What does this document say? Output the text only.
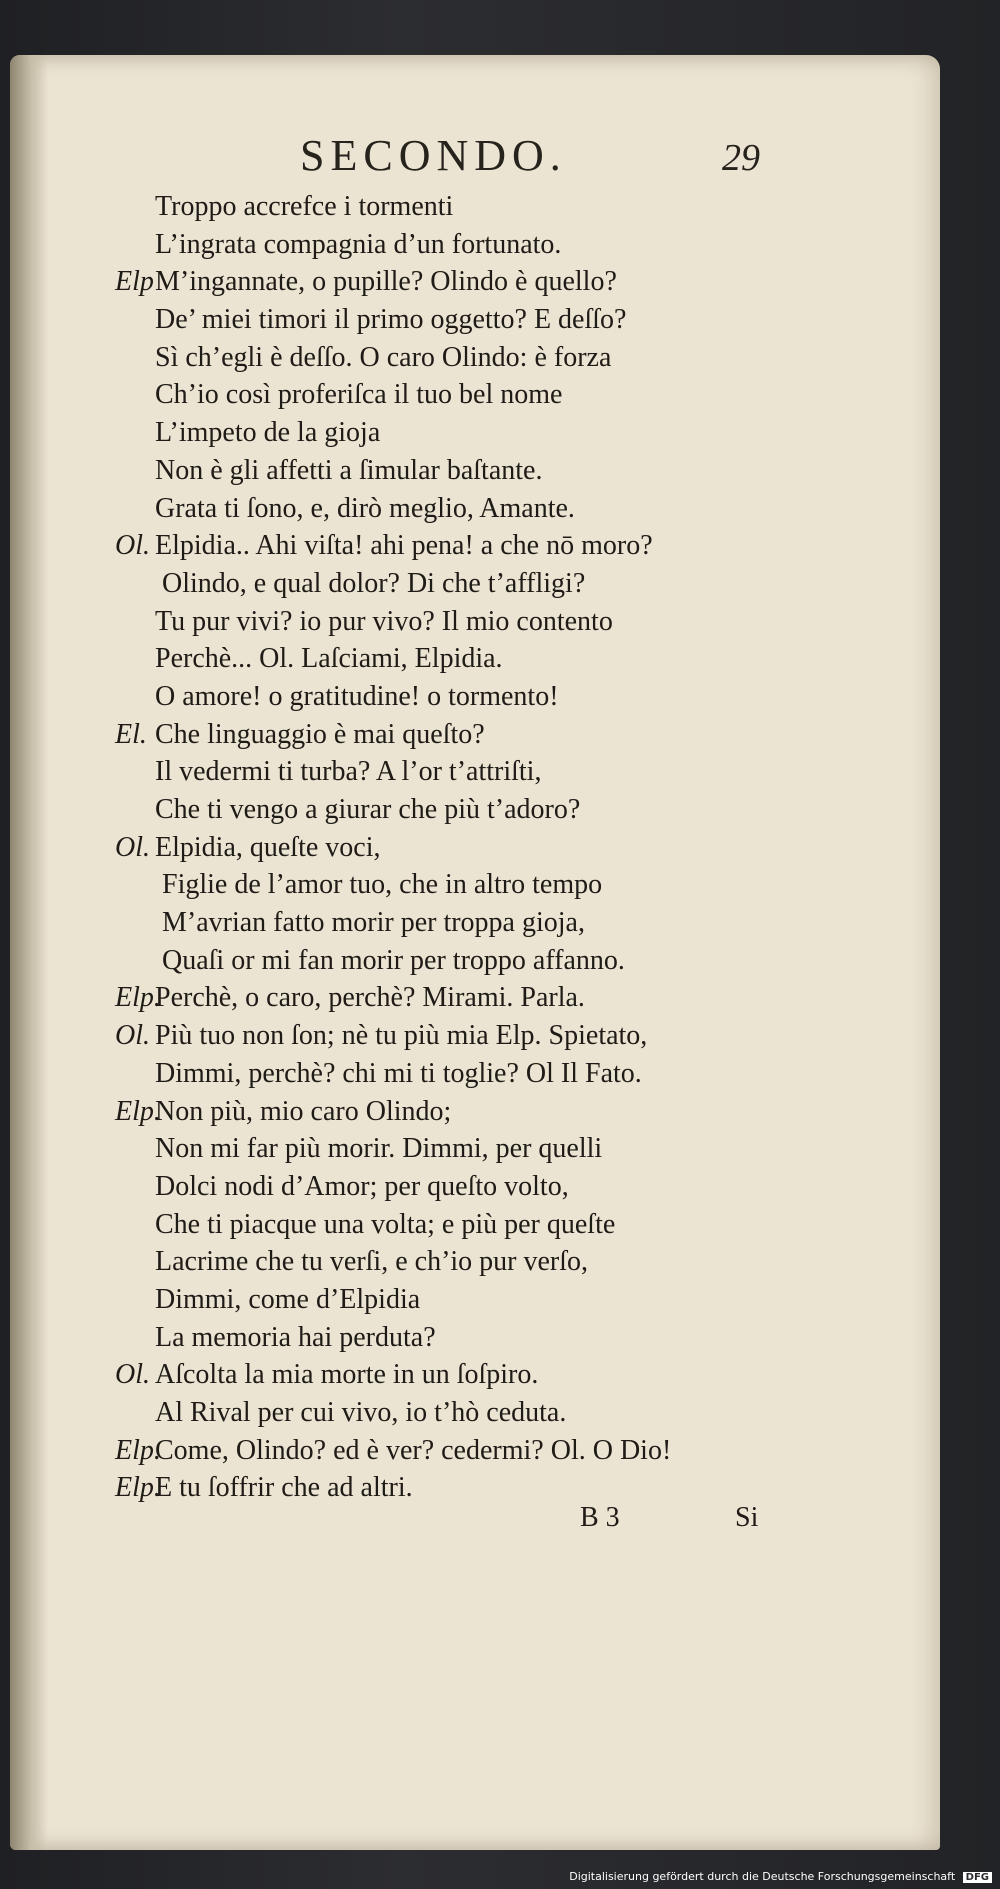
SECONDO.	29
Troppo accrefce i tormenti
L’ingrata compagnia d’un fortunato.
ElpM’ingannate, o pupille? Olindo è quello?
De’ miei timori il primo oggetto? E deſſo?
Sì ch’egli è deſſo. O caro Olindo: è forza
Ch’io così proferiſca il tuo bel nome
L’impeto de la gioja
Non è gli affetti a ſimular baſtante.
Grata ti ſono, e, dirò meglio, Amante.
Ol. Elpidia.. Ahi viſta! ahi pena! a che nō moro?
Olindo, e qual dolor? Di che t’affligi?
Tu pur vivi? io pur vivo? Il mio contento
Perchè... Ol. Laſciami, Elpidia.
O amore! o gratitudine! o tormento!
El. Che linguaggio è mai queſto?
Il vedermi ti turba? A l’or t’attriſti,
Che ti vengo a giurar che più t’adoro?
Ol. Elpidia, queſte voci,
Figlie de l’amor tuo, che in altro tempo
M’avrian fatto morir per troppa gioja,
Quaſi or mi fan morir per troppo affanno.
Elp.Perchè, o caro, perchè? Mirami. Parla.
Ol. Più tuo non ſon; nè tu più mia Elp. Spietato,
Dimmi, perchè? chi mi ti toglie? Ol Il Fato.
Elp.Non più, mio caro Olindo;
Non mi far più morir. Dimmi, per quelli
Dolci nodi d’Amor; per queſto volto,
Che ti piacque una volta; e più per queſte
Lacrime che tu verſi, e ch’io pur verſo,
Dimmi, come d’Elpidia
La memoria hai perduta?
Ol. Aſcolta la mia morte in un ſoſpiro.
Al Rival per cui vivo, io t’hò ceduta.
Elp.Come, Olindo? ed è ver? cedermi? Ol. O Dio!
Elp.E tu ſoffrir che ad altri.
B 3	Si
Digitalisierung gefördert durch die Deutsche Forschungsgemeinschaft DFG
